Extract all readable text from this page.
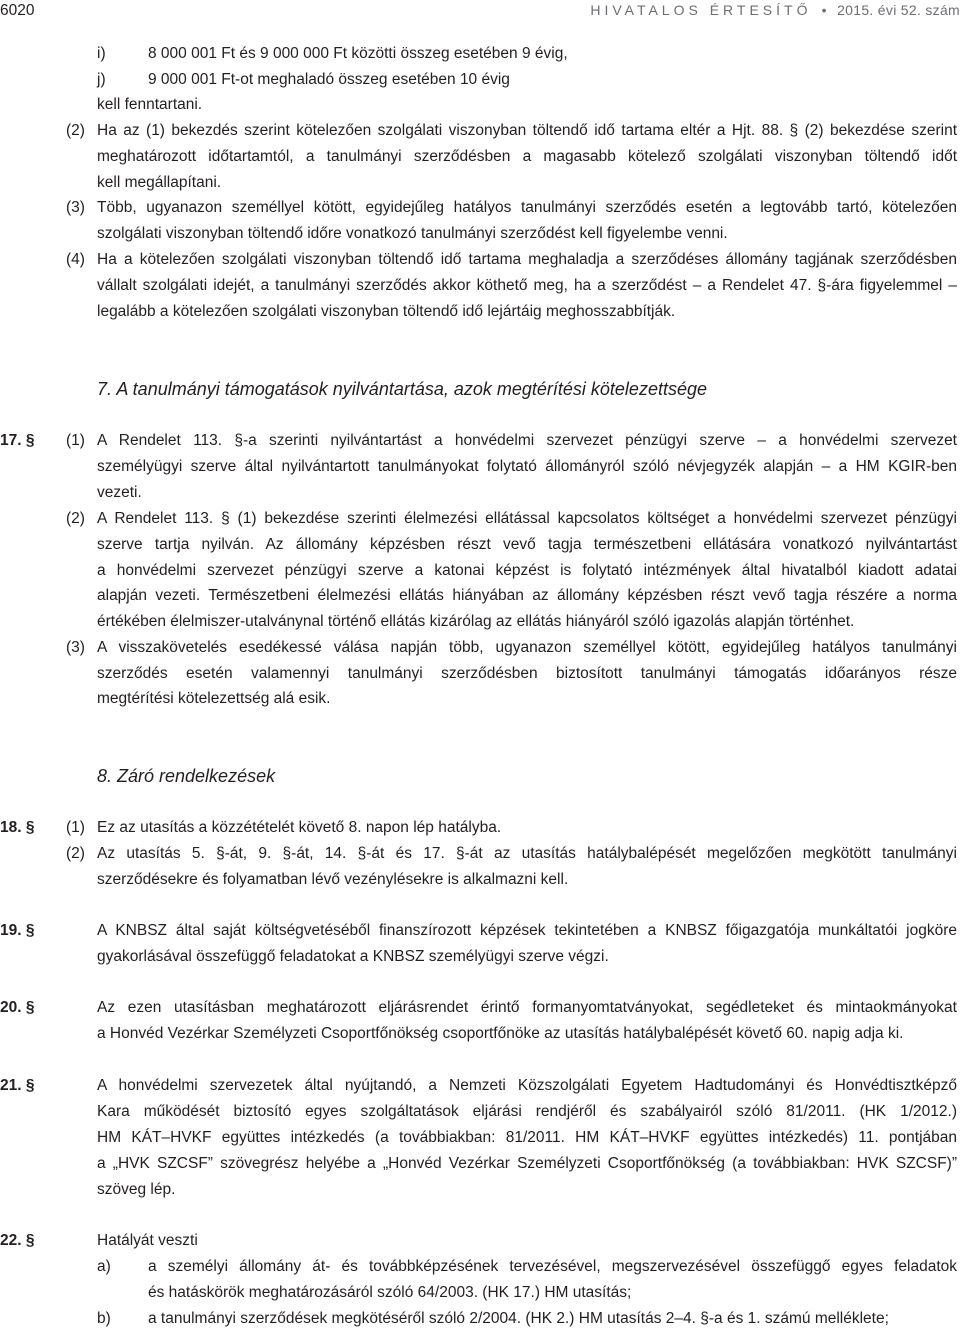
6020	HIVATALOS ÉRTESÍTŐ • 2015. évi 52. szám
i)	8 000 001 Ft és 9 000 000 Ft közötti összeg esetében 9 évig,
j)	9 000 001 Ft-ot meghaladó összeg esetében 10 évig
kell fenntartani.
(2) Ha az (1) bekezdés szerint kötelezően szolgálati viszonyban töltendő idő tartama eltér a Hjt. 88. § (2) bekezdése szerint
meghatározott időtartamtól, a tanulmányi szerződésben a magasabb kötelező szolgálati viszonyban töltendő időt
kell megállapítani.
(3) Több, ugyanazon személlyel kötött, egyidejűleg hatályos tanulmányi szerződés esetén a legtovább tartó, kötelezően
szolgálati viszonyban töltendő időre vonatkozó tanulmányi szerződést kell figyelembe venni.
(4) Ha a kötelezően szolgálati viszonyban töltendő idő tartama meghaladja a szerződéses állomány tagjának szerződésben
vállalt szolgálati idejét, a tanulmányi szerződés akkor köthető meg, ha a szerződést – a Rendelet 47. §-ára figyelemmel –
legalább a kötelezően szolgálati viszonyban töltendő idő lejártáig meghosszabbítják.
7. A tanulmányi támogatások nyilvántartása, azok megtérítési kötelezettsége
17. § (1) A Rendelet 113. §-a szerinti nyilvántartást a honvédelmi szervezet pénzügyi szerve – a honvédelmi szervezet
személyügyi szerve által nyilvántartott tanulmányokat folytató állományról szóló névjegyzék alapján – a HM KGIR-ben
vezeti.
(2) A Rendelet 113. § (1) bekezdése szerinti élelmezési ellátással kapcsolatos költséget a honvédelmi szervezet pénzügyi
szerve tartja nyilván. Az állomány képzésben részt vevő tagja természetbeni ellátására vonatkozó nyilvántartást
a honvédelmi szervezet pénzügyi szerve a katonai képzést is folytató intézmények által hivatalból kiadott adatai
alapján vezeti. Természetbeni élelmezési ellátás hiányában az állomány képzésben részt vevő tagja részére a norma
értékében élelmiszer-utalványnal történő ellátás kizárólag az ellátás hiányáról szóló igazolás alapján történhet.
(3) A visszakövetelés esedékessé válása napján több, ugyanazon személlyel kötött, egyidejűleg hatályos tanulmányi
szerződés esetén valamennyi tanulmányi szerződésben biztosított tanulmányi támogatás időarányos része
megtérítési kötelezettség alá esik.
8. Záró rendelkezések
18. § (1) Ez az utasítás a közzétételét követő 8. napon lép hatályba.
(2) Az utasítás 5. §-át, 9. §-át, 14. §-át és 17. §-át az utasítás hatálybalépését megelőzően megkötött tanulmányi
szerződésekre és folyamatban lévő vezénylésekre is alkalmazni kell.
19. §	A KNBSZ által saját költségvetéséből finanszírozott képzések tekintetében a KNBSZ főigazgatója munkáltatói jogköre
gyakorlásával összefüggő feladatokat a KNBSZ személyügyi szerve végzi.
20. §	Az ezen utasításban meghatározott eljárásrendet érintő formanyomtatványokat, segédleteket és mintaokmányokat
a Honvéd Vezérkar Személyzeti Csoportfőnökség csoportfőnöke az utasítás hatálybalépését követő 60. napig adja ki.
21. §	A honvédelmi szervezetek által nyújtandó, a Nemzeti Közszolgálati Egyetem Hadtudományi és Honvédtisztképző
Kara működését biztosító egyes szolgáltatások eljárási rendjéről és szabályairól szóló 81/2011. (HK 1/2012.)
HM KÁT–HVKF együttes intézkedés (a továbbiakban: 81/2011. HM KÁT–HVKF együttes intézkedés) 11. pontjában
a „HVK SZCSF” szövegrész helyébe a „Honvéd Vezérkar Személyzeti Csoportfőnökség (a továbbiakban: HVK SZCSF)”
szöveg lép.
22. §	Hatályát veszti
a) a személyi állomány át- és továbbképzésének tervezésével, megszervezésével összefüggő egyes feladatok
és hatáskörök meghatározásáról szóló 64/2003. (HK 17.) HM utasítás;
b) a tanulmányi szerződések megkötéséről szóló 2/2004. (HK 2.) HM utasítás 2–4. §-a és 1. számú melléklete;
